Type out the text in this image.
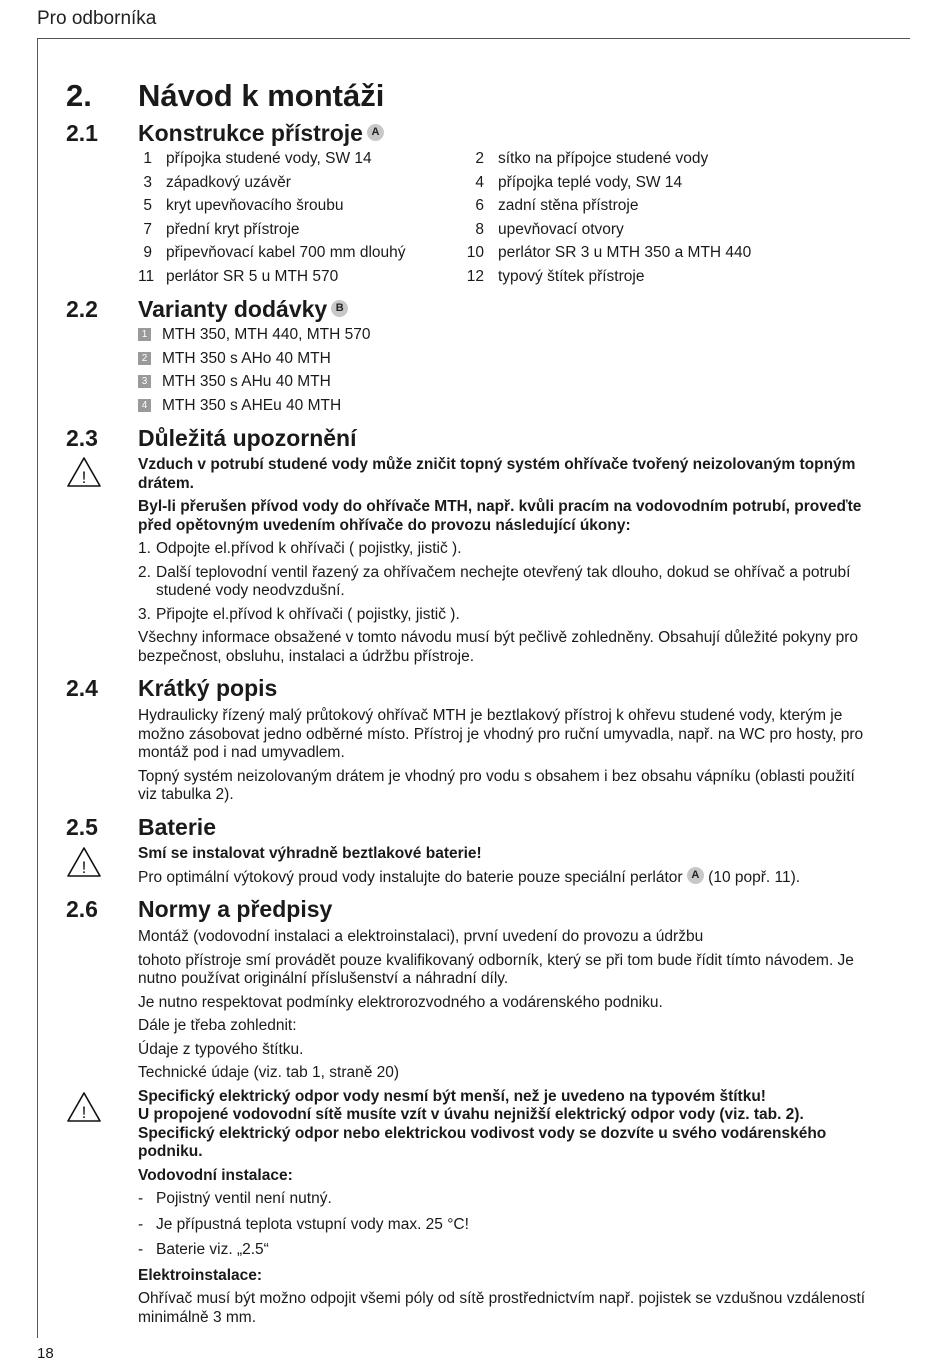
Pro odborníka
2. Návod k montáži
2.1 Konstrukce přístroje A
1 přípojka studené vody, SW 14	2 sítko na přípojce studené vody
3 západkový uzávěr	4 přípojka teplé vody, SW 14
5 kryt upevňovacího šroubu	6 zadní stěna přístroje
7 přední kryt přístroje	8 upevňovací otvory
9 připevňovací kabel 700 mm dlouhý	10 perlátor SR 3 u MTH 350 a MTH 440
11 perlátor SR 5 u MTH 570	12 typový štítek přístroje
2.2 Varianty dodávky B
1 MTH 350, MTH 440, MTH 570
2 MTH 350 s AHo 40 MTH
3 MTH 350 s AHu 40 MTH
4 MTH 350 s AHEu 40 MTH
2.3 Důležitá upozornění
!

Vzduch v potrubí studené vody může zničit topný systém ohřívače tvořený neizolovaným topným drátem.

Byl-li přerušen přívod vody do ohřívače MTH, např. kvůli pracím na vodovodním potrubí, proveďte před opětovným uvedením ohřívače do provozu následující úkony:

1. Odpojte el.přívod k ohřívači ( pojistky, jistič ).
2. Další teplovodní ventil řazený za ohřívačem nechejte otevřený tak dlouho, dokud se ohřívač a potrubí studené vody neodvzdušní.
3. Připojte el.přívod k ohřívači ( pojistky, jistič ).

Všechny informace obsažené v tomto návodu musí být pečlivě zohledněny. Obsahují důležité pokyny pro bezpečnost, obsluhu, instalaci a údržbu přístroje.

2.4 Krátký popis

Hydraulicky řízený malý průtokový ohřívač MTH je beztlakový přístroj k ohřevu studené vody, kterým je možno zásobovat jedno odběrné místo. Přístroj je vhodný pro ruční umyvadla, např. na WC pro hosty, pro montáž pod i nad umyvadlem.

Topný systém neizolovaným drátem je vhodný pro vodu s obsahem i bez obsahu vápníku (oblasti použití viz tabulka 2).

2.5 Baterie
!

Smí se instalovat výhradně beztlakové baterie!

Pro optimální výtokový proud vody instalujte do baterie pouze speciální perlátor A (10 popř. 11).

2.6 Normy a předpisy

Montáž (vodovodní instalaci a elektroinstalaci), první uvedení do provozu a údržbu

tohoto přístroje smí provádět pouze kvalifikovaný odborník, který se při tom bude řídit tímto návodem. Je nutno používat originální příslušenství a náhradní díly.

Je nutno respektovat podmínky elektrorozvodného a vodárenského podniku.

Dále je třeba zohlednit:

Údaje z typového štítku.

Technické údaje (viz. tab 1, straně 20)

Specifický elektrický odpor vody nesmí být menší, než je uvedeno na typovém štítku!
U propojené vodovodní sítě musíte vzít v úvahu nejnižší elektrický odpor vody (viz. tab. 2).
Specifický elektrický odpor nebo elektrickou vodivost vody se dozvíte u svého vodárenského podniku.

Vodovodní instalace:

- Pojistný ventil není nutný.
- Je přípustná teplota vstupní vody max. 25 °C!
- Baterie viz. „2.5“

Elektroinstalace:

Ohřívač musí být možno odpojit všemi póly od sítě prostřednictvím např. pojistek se vzdušnou vzdáleností minimálně 3 mm.

!
18
